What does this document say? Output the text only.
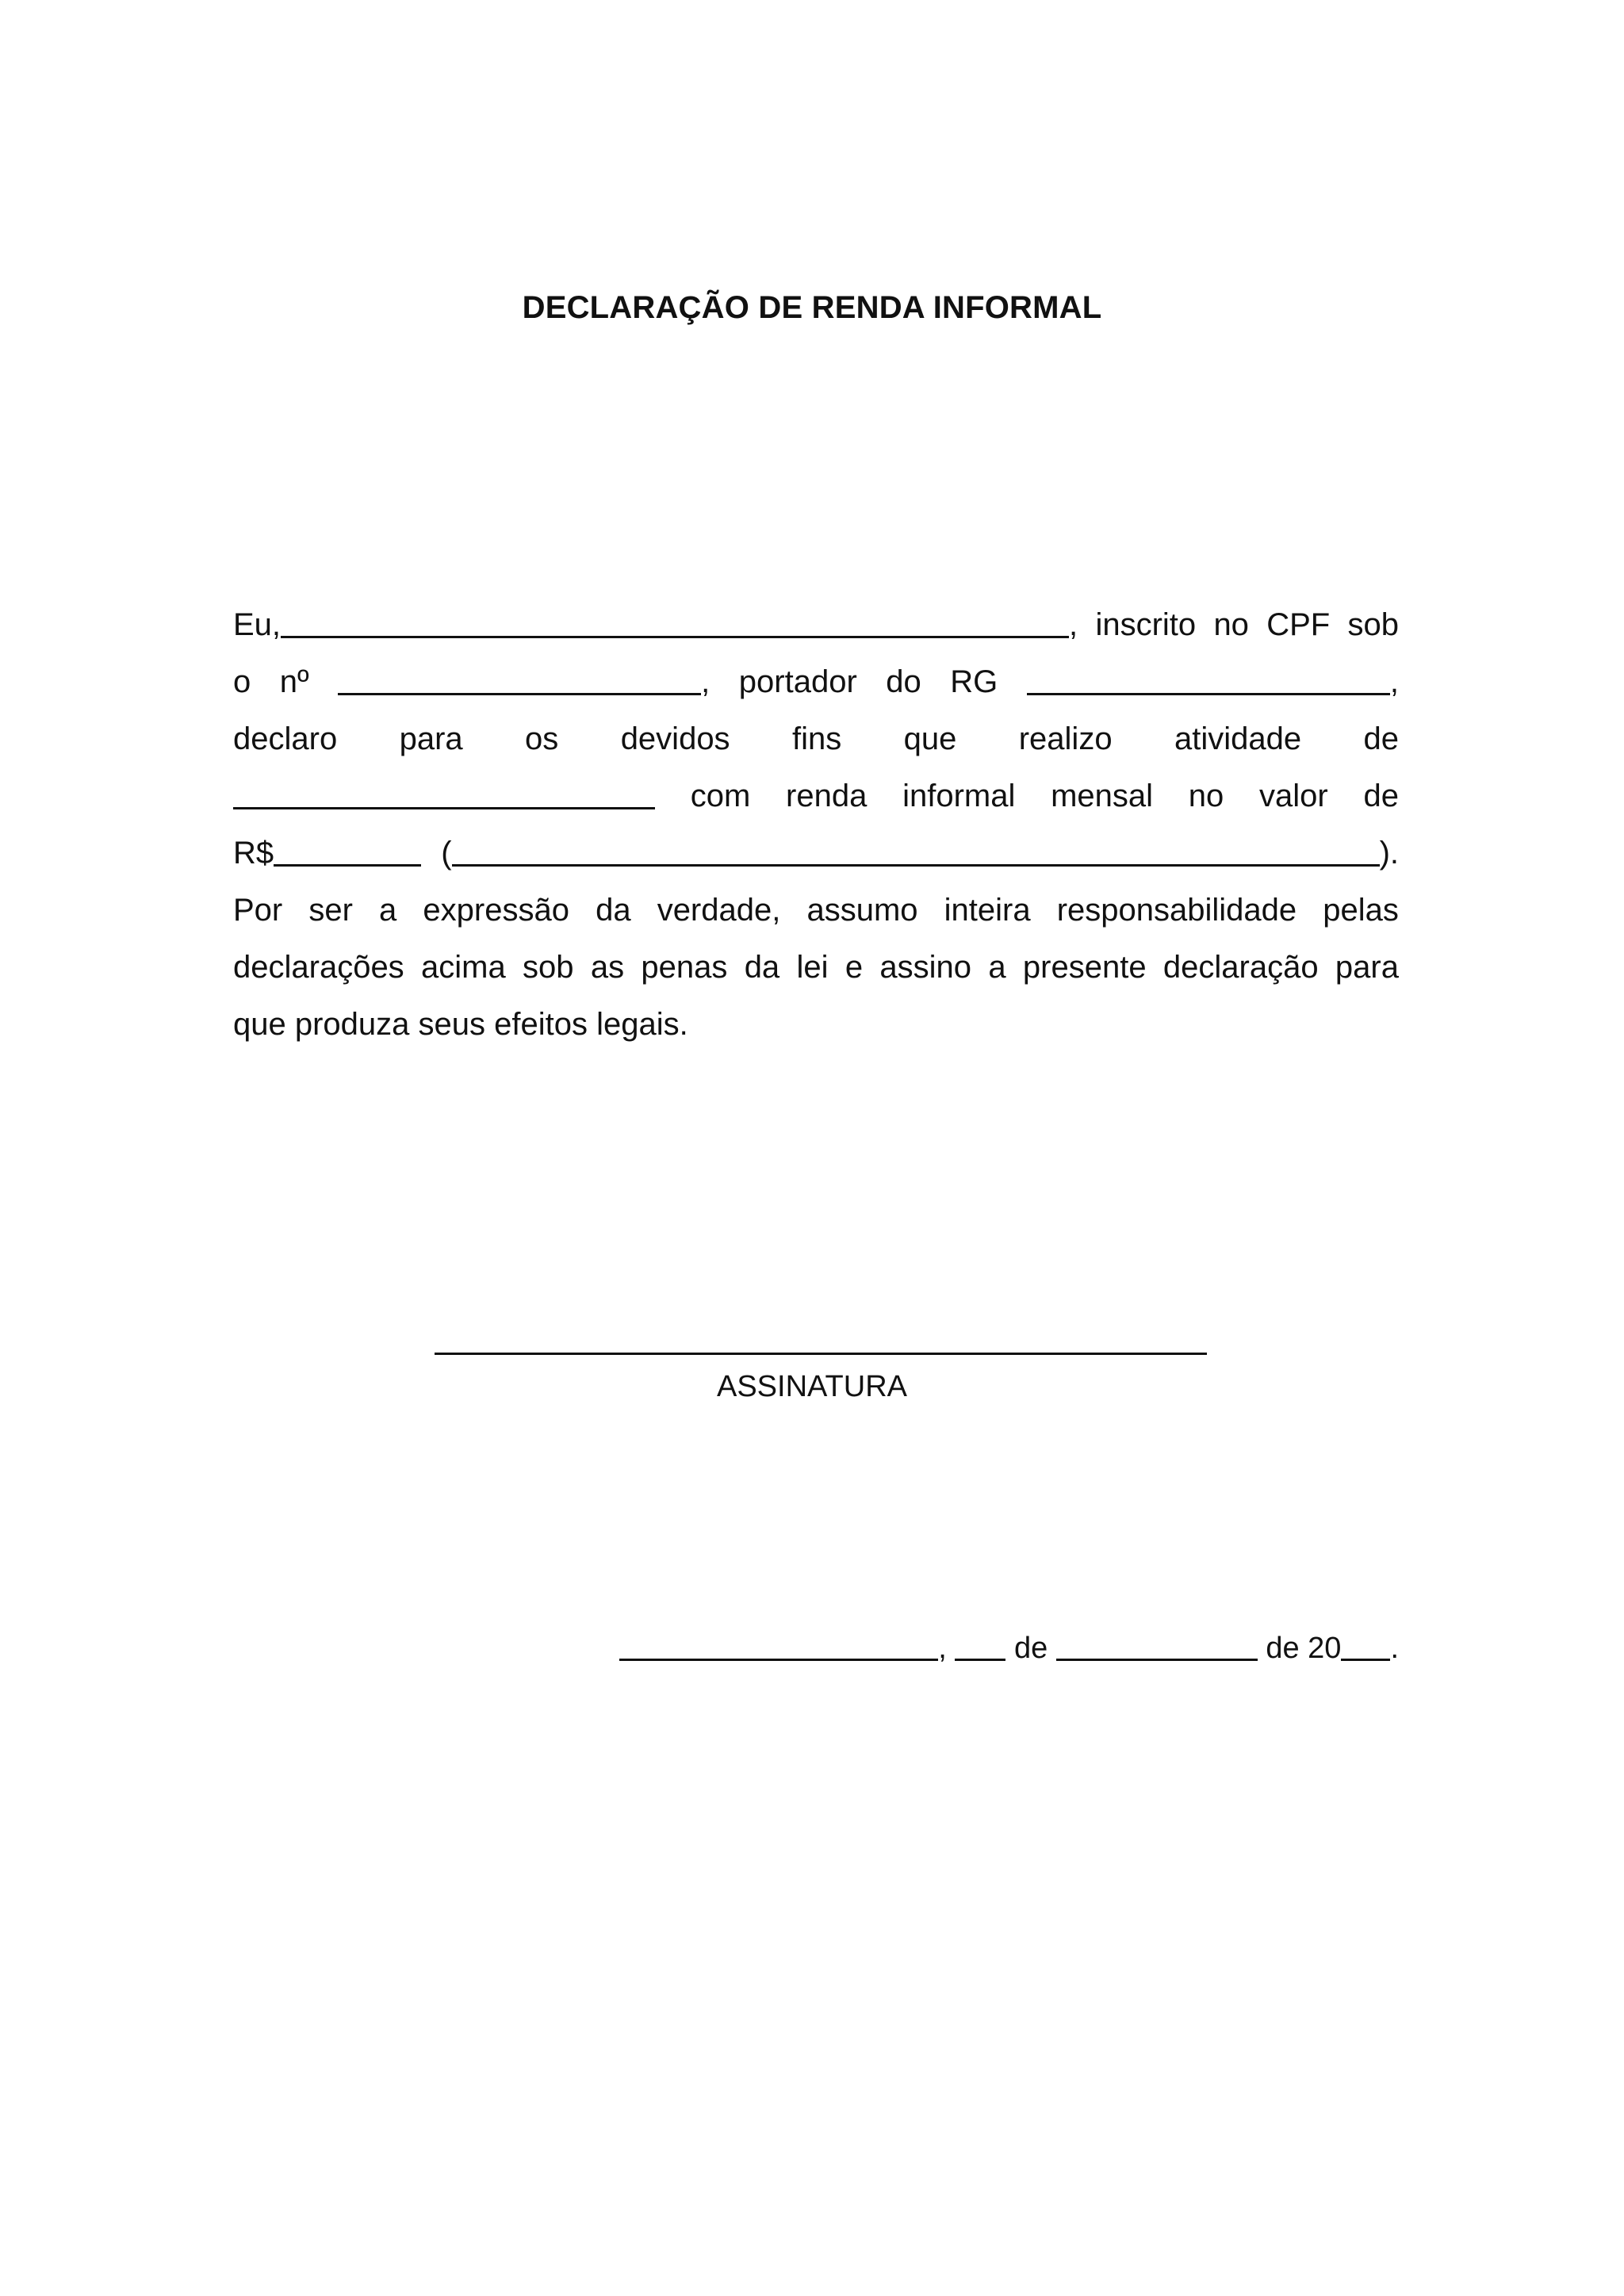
DECLARAÇÃO DE RENDA INFORMAL
Eu,	, inscrito no CPF sob
o nº	, portador do RG	,
declaro para os devidos fins que realizo atividade de
com renda informal mensal no valor de
R$	(	).
Por ser a expressão da verdade, assumo inteira responsabilidade pelas
declarações acima sob as penas da lei e assino a presente declaração para
que produza seus efeitos legais.
ASSINATURA
, de	de 20 .
